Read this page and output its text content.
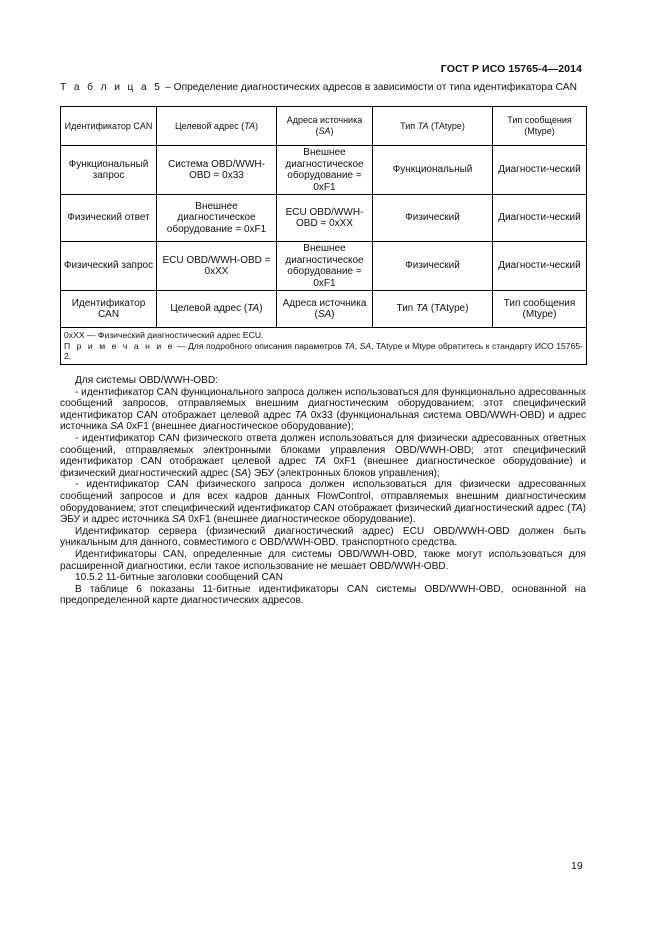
ГОСТ Р ИСО 15765-4—2014
Т а б л и ц а 5 – Определение диагностических адресов в зависимости от типа идентификатора CAN
Идентификатор CAN	Целевой адрес (TA)	Адреса источника (SA)	Тип TA (TAtype)	Тип сообщения (Mtype)
Функциональный запрос	Система OBD/WWH-OBD = 0x33	Внешнее диагностическое оборудование = 0xF1	Функциональный	Диагности-ческий
Физический ответ	Внешнее диагностическое оборудование = 0xF1	ECU OBD/WWH-OBD = 0xXX	Физический	Диагности-ческий
Физический запрос	ECU OBD/WWH-OBD = 0xXX	Внешнее диагностическое оборудование = 0xF1	Физический	Диагности-ческий
Идентификатор CAN	Целевой адрес (TA)	Адреса источника (SA)	Тип TA (TAtype)	Тип сообщения (Mtype)

0xXX — Физический диагностический адрес ECU.
П р и м е ч а н и е — Для подробного описания параметров TA, SA, TAtype и Mtype обратитесь к стандарту ИСО 15765-2.				

Для системы OBD/WWH-OBD:

- идентификатор CAN функционального запроса должен использоваться для функционально адресованных сообщений запросов, отправляемых внешним диагностическим оборудованием; этот специфический идентификатор CAN отображает целевой адрес TA 0x33 (функциональная система OBD/WWH-OBD) и адрес источника SA 0xF1 (внешнее диагностическое оборудование);

- идентификатор CAN физического ответа должен использоваться для физически адресованных ответных сообщений, отправляемых электронными блоками управления OBD/WWH-OBD; этот специфический идентификатор CAN отображает целевой адрес TA 0xF1 (внешнее диагностическое оборудование) и физический диагностический адрес (SA) ЭБУ (электронных блоков управления);

- идентификатор CAN физического запроса должен использоваться для физически адресованных сообщений запросов и для всех кадров данных FlowControl, отправляемых внешним диагностическим оборудованием; этот специфический идентификатор CAN отображает физический диагностический адрес (TA) ЭБУ и адрес источника SA 0xF1 (внешнее диагностическое оборудование).

Идентификатор сервера (физический диагностический адрес) ECU OBD/WWH-OBD должен быть уникальным для данного, совместимого с OBD/WWH-OBD, транспортного средства.

Идентификаторы CAN, определенные для системы OBD/WWH-OBD, также могут использоваться для расширенной диагностики, если такое использование не мешает OBD/WWH-OBD.

10.5.2 11-битные заголовки сообщений CAN

В таблице 6 показаны 11-битные идентификаторы CAN системы OBD/WWH-OBD, основанной на предопределенной карте диагностических адресов.

19
